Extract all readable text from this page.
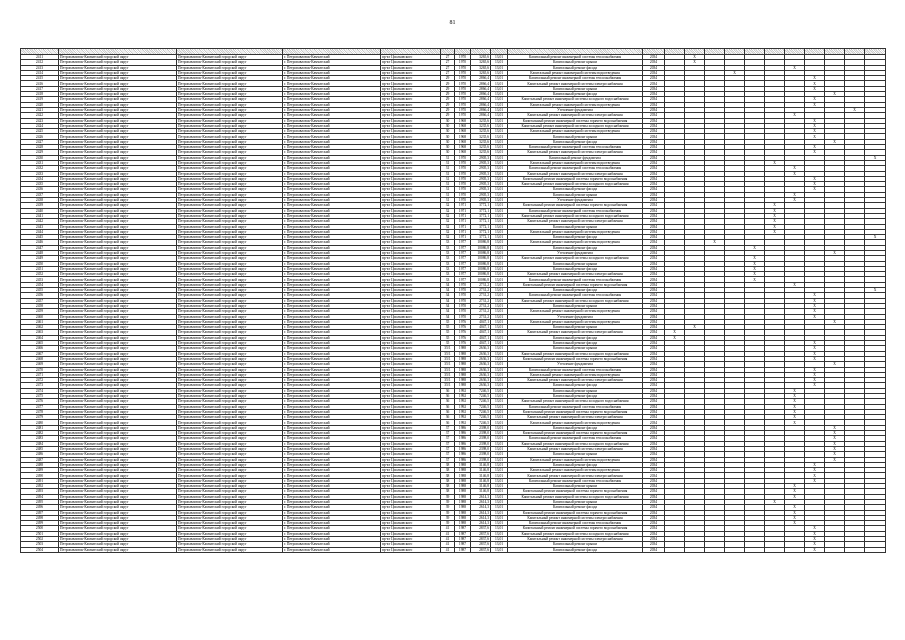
81

2411	Петропавловск-Камчатский городской округ	Петропавловск-Камчатский городской округ	г. Петропавловск-Камчатский	пр-кт Циолковского	27	1970	3265,6	13,01	Капитальный ремонт инженерной системы теплоснабжения	2034		X									
2412	Петропавловск-Камчатский городской округ	Петропавловск-Камчатский городской округ	г. Петропавловск-Камчатский	пр-кт Циолковского	27	1970	3265,6	13,01	Капитальный ремонт крыши	2034		X									
2413	Петропавловск-Камчатский городской округ	Петропавловск-Камчатский городской округ	г. Петропавловск-Камчатский	пр-кт Циолковского	27	1970	3265,6	13,01	Капитальный ремонт фасада	2034							X				
2414	Петропавловск-Камчатский городской округ	Петропавловск-Камчатский городской округ	г. Петропавловск-Камчатский	пр-кт Циолковского	27	1970	3265,6	13,01	Капитальный ремонт инженерной системы водоотведения	2034				X							
2415	Петропавловск-Камчатский городской округ	Петропавловск-Камчатский городской округ	г. Петропавловск-Камчатский	пр-кт Циолковского	29	1970	2866,4	13,01	Капитальный ремонт инженерной системы теплоснабжения	2034								X			
2416	Петропавловск-Камчатский городской округ	Петропавловск-Камчатский городской округ	г. Петропавловск-Камчатский	пр-кт Циолковского	29	1970	2866,4	13,01	Капитальный ремонт инженерной системы электроснабжения	2034								X			
2417	Петропавловск-Камчатский городской округ	Петропавловск-Камчатский городской округ	г. Петропавловск-Камчатский	пр-кт Циолковского	29	1970	2866,4	13,01	Капитальный ремонт крыши	2034								X			
2418	Петропавловск-Камчатский городской округ	Петропавловск-Камчатский городской округ	г. Петропавловск-Камчатский	пр-кт Циолковского	29	1970	2866,4	13,01	Капитальный ремонт фасада	2034									X		
2419	Петропавловск-Камчатский городской округ	Петропавловск-Камчатский городской округ	г. Петропавловск-Камчатский	пр-кт Циолковского	29	1970	2866,4	13,01	Капитальный ремонт инженерной системы холодного водоснабжения	2034								X			
2420	Петропавловск-Камчатский городской округ	Петропавловск-Камчатский городской округ	г. Петропавловск-Камчатский	пр-кт Циолковского	29	1970	2866,4	13,01	Капитальный ремонт инженерной системы водоотведения	2034								X			
2421	Петропавловск-Камчатский городской округ	Петропавловск-Камчатский городской округ	г. Петропавловск-Камчатский	пр-кт Циолковского	29	1970	2866,4	13,01	Утепление фундамента	2034										X	
2422	Петропавловск-Камчатский городской округ	Петропавловск-Камчатский городской округ	г. Петропавловск-Камчатский	пр-кт Циолковского	29	1970	2866,4	13,01	Капитальный ремонт инженерной системы электроснабжения	2034							X				
2423	Петропавловск-Камчатский городской округ	Петропавловск-Камчатский городской округ	г. Петропавловск-Камчатский	пр-кт Циолковского	30	1968	3235,6	13,01	Капитальный ремонт инженерной системы горячего водоснабжения	2034								X			
2424	Петропавловск-Камчатский городской округ	Петропавловск-Камчатский городской округ	г. Петропавловск-Камчатский	пр-кт Циолковского	30	1968	3235,6	13,01	Капитальный ремонт инженерной системы холодного водоснабжения	2034								X			
2425	Петропавловск-Камчатский городской округ	Петропавловск-Камчатский городской округ	г. Петропавловск-Камчатский	пр-кт Циолковского	30	1968	3235,6	13,01	Капитальный ремонт инженерной системы водоотведения	2034								X			
2426	Петропавловск-Камчатский городской округ	Петропавловск-Камчатский городской округ	г. Петропавловск-Камчатский	пр-кт Циолковского	30	1968	3235,6	13,01	Капитальный ремонт крыши	2034								X			
2427	Петропавловск-Камчатский городской округ	Петропавловск-Камчатский городской округ	г. Петропавловск-Камчатский	пр-кт Циолковского	30	1968	3235,6	13,01	Капитальный ремонт фасада	2034									X		
2428	Петропавловск-Камчатский городской округ	Петропавловск-Камчатский городской округ	г. Петропавловск-Камчатский	пр-кт Циолковского	30	1968	3235,6	13,01	Капитальный ремонт инженерной системы теплоснабжения	2034								X			
2429	Петропавловск-Камчатский городской округ	Петропавловск-Камчатский городской округ	г. Петропавловск-Камчатский	пр-кт Циолковского	30	1968	3235,6	13,01	Капитальный ремонт инженерной системы электроснабжения	2034								X			
2430	Петропавловск-Камчатский городской округ	Петропавловск-Камчатский городской округ	г. Петропавловск-Камчатский	пр-кт Циолковского	31	1970	2905,3	13,01	Капитальный ремонт фундамента	2034											X
2431	Петропавловск-Камчатский городской округ	Петропавловск-Камчатский городской округ	г. Петропавловск-Камчатский	пр-кт Циолковского	31	1970	2905,3	13,01	Капитальный ремонт инженерной системы водоотведения	2034						X					
2432	Петропавловск-Камчатский городской округ	Петропавловск-Камчатский городской округ	г. Петропавловск-Камчатский	пр-кт Циолковского	31	1970	2905,3	13,01	Капитальный ремонт инженерной системы теплоснабжения	2034							X				
2433	Петропавловск-Камчатский городской округ	Петропавловск-Камчатский городской округ	г. Петропавловск-Камчатский	пр-кт Циолковского	31	1970	2905,3	13,01	Капитальный ремонт инженерной системы электроснабжения	2034							X				
2434	Петропавловск-Камчатский городской округ	Петропавловск-Камчатский городской округ	г. Петропавловск-Камчатский	пр-кт Циолковского	31	1970	2905,3	13,01	Капитальный ремонт инженерной системы горячего водоснабжения	2034								X			
2435	Петропавловск-Камчатский городской округ	Петропавловск-Камчатский городской округ	г. Петропавловск-Камчатский	пр-кт Циолковского	31	1970	2905,3	13,01	Капитальный ремонт инженерной системы холодного водоснабжения	2034								X			
2436	Петропавловск-Камчатский городской округ	Петропавловск-Камчатский городской округ	г. Петропавловск-Камчатский	пр-кт Циолковского	31	1970	2905,3	13,01	Капитальный ремонт фасада	2034								X			
2437	Петропавловск-Камчатский городской округ	Петропавловск-Камчатский городской округ	г. Петропавловск-Камчатский	пр-кт Циолковского	31	1970	2905,3	13,01	Капитальный ремонт крыши	2034							X				
2438	Петропавловск-Камчатский городской округ	Петропавловск-Камчатский городской округ	г. Петропавловск-Камчатский	пр-кт Циолковского	31	1970	2905,3	13,01	Утепление фундамента	2034							X				
2439	Петропавловск-Камчатский городской округ	Петропавловск-Камчатский городской округ	г. Петропавловск-Камчатский	пр-кт Циолковского	32	1971	3772,1	13,01	Капитальный ремонт инженерной системы горячего водоснабжения	2034						X					
2440	Петропавловск-Камчатский городской округ	Петропавловск-Камчатский городской округ	г. Петропавловск-Камчатский	пр-кт Циолковского	32	1971	3772,1	13,01	Капитальный ремонт инженерной системы теплоснабжения	2034						X					
2441	Петропавловск-Камчатский городской округ	Петропавловск-Камчатский городской округ	г. Петропавловск-Камчатский	пр-кт Циолковского	32	1971	3772,1	13,01	Капитальный ремонт инженерной системы холодного водоснабжения	2034						X					
2442	Петропавловск-Камчатский городской округ	Петропавловск-Камчатский городской округ	г. Петропавловск-Камчатский	пр-кт Циолковского	32	1971	3772,1	13,01	Капитальный ремонт инженерной системы электроснабжения	2034						X					
2443	Петропавловск-Камчатский городской округ	Петропавловск-Камчатский городской округ	г. Петропавловск-Камчатский	пр-кт Циолковского	32	1971	3772,1	13,01	Капитальный ремонт крыши	2034						X					
2444	Петропавловск-Камчатский городской округ	Петропавловск-Камчатский городской округ	г. Петропавловск-Камчатский	пр-кт Циолковского	32	1971	3772,1	13,01	Капитальный ремонт инженерной системы водоотведения	2034						X					
2445	Петропавловск-Камчатский городской округ	Петропавловск-Камчатский городской округ	г. Петропавловск-Камчатский	пр-кт Циолковского	32	1971	3772,1	13,01	Капитальный ремонт фасада	2034											X
2446	Петропавловск-Камчатский городской округ	Петропавловск-Камчатский городской округ	г. Петропавловск-Камчатский	пр-кт Циолковского	33	1977	10086,8	13,01	Капитальный ремонт инженерной системы водоотведения	2034			X								
2447	Петропавловск-Камчатский городской округ	Петропавловск-Камчатский городской округ	г. Петропавловск-Камчатский	пр-кт Циолковского	33	1977	10086,8	13,01	Капитальный ремонт фасада	2034					X						
2448	Петропавловск-Камчатский городской округ	Петропавловск-Камчатский городской округ	г. Петропавловск-Камчатский	пр-кт Циолковского	33	1977	10086,8	13,01	Утепление фундамента	2034									X		
2449	Петропавловск-Камчатский городской округ	Петропавловск-Камчатский городской округ	г. Петропавловск-Камчатский	пр-кт Циолковского	33	1977	10086,8	13,01	Капитальный ремонт инженерной системы холодного водоснабжения	2034					X						
2450	Петропавловск-Камчатский городской округ	Петропавловск-Камчатский городской округ	г. Петропавловск-Камчатский	пр-кт Циолковского	33	1977	10086,8	13,01	Капитальный ремонт крыши	2034					X						
2451	Петропавловск-Камчатский городской округ	Петропавловск-Камчатский городской округ	г. Петропавловск-Камчатский	пр-кт Циолковского	33	1977	10086,8	13,01	Капитальный ремонт фасада	2034					X						
2452	Петропавловск-Камчатский городской округ	Петропавловск-Камчатский городской округ	г. Петропавловск-Камчатский	пр-кт Циолковского	33	1977	10086,8	13,01	Капитальный ремонт инженерной системы электроснабжения	2034					X						
2453	Петропавловск-Камчатский городской округ	Петропавловск-Камчатский городской округ	г. Петропавловск-Камчатский	пр-кт Циолковского	33	1977	10086,8	13,01	Капитальный ремонт инженерной системы теплоснабжения	2034					X						
2454	Петропавловск-Камчатский городской округ	Петропавловск-Камчатский городской округ	г. Петропавловск-Камчатский	пр-кт Циолковского	34	1970	2731,2	13,01	Капитальный ремонт инженерной системы горячего водоснабжения	2034							X				
2455	Петропавловск-Камчатский городской округ	Петропавловск-Камчатский городской округ	г. Петропавловск-Камчатский	пр-кт Циолковского	34	1970	2731,2	13,01	Капитальный ремонт фасада	2034											X
2456	Петропавловск-Камчатский городской округ	Петропавловск-Камчатский городской округ	г. Петропавловск-Камчатский	пр-кт Циолковского	34	1970	2731,2	13,01	Капитальный ремонт инженерной системы теплоснабжения	2034								X			
2457	Петропавловск-Камчатский городской округ	Петропавловск-Камчатский городской округ	г. Петропавловск-Камчатский	пр-кт Циолковского	34	1970	2731,2	13,01	Капитальный ремонт инженерной системы холодного водоснабжения	2034								X			
2458	Петропавловск-Камчатский городской округ	Петропавловск-Камчатский городской округ	г. Петропавловск-Камчатский	пр-кт Циолковского	34	1970	2731,2	13,01	Капитальный ремонт крыши	2034								X			
2459	Петропавловск-Камчатский городской округ	Петропавловск-Камчатский городской округ	г. Петропавловск-Камчатский	пр-кт Циолковского	34	1970	2731,2	13,01	Капитальный ремонт инженерной системы водоотведения	2034								X			
2460	Петропавловск-Камчатский городской округ	Петропавловск-Камчатский городской округ	г. Петропавловск-Камчатский	пр-кт Циолковского	34	1970	2731,2	13,01	Утепление фундамента	2034								X			
2461	Петропавловск-Камчатский городской округ	Петропавловск-Камчатский городской округ	г. Петропавловск-Камчатский	пр-кт Циолковского	35	1976	4047,1	13,01	Капитальный ремонт инженерной системы водоотведения	2034									X		
2462	Петропавловск-Камчатский городской округ	Петропавловск-Камчатский городской округ	г. Петропавловск-Камчатский	пр-кт Циолковского	35	1976	4047,1	13,01	Капитальный ремонт крыши	2034		X									
2463	Петропавловск-Камчатский городской округ	Петропавловск-Камчатский городской округ	г. Петропавловск-Камчатский	пр-кт Циолковского	35	1976	4047,1	13,01	Капитальный ремонт инженерной системы электроснабжения	2034	X										
2464	Петропавловск-Камчатский городской округ	Петропавловск-Камчатский городской округ	г. Петропавловск-Камчатский	пр-кт Циолковского	35	1976	4047,1	13,01	Капитальный ремонт фасада	2034	X										
2465	Петропавловск-Камчатский городской округ	Петропавловск-Камчатский городской округ	г. Петропавловск-Камчатский	пр-кт Циолковского	35	1976	4047,1	13,01	Капитальный ремонт фасада	2034								X			
2466	Петропавловск-Камчатский городской округ	Петропавловск-Камчатский городской округ	г. Петропавловск-Камчатский	пр-кт Циолковского	35/1	1988	2636,3	13,01	Капитальный ремонт крыши	2034								X			
2467	Петропавловск-Камчатский городской округ	Петропавловск-Камчатский городской округ	г. Петропавловск-Камчатский	пр-кт Циолковского	35/1	1988	2636,3	13,01	Капитальный ремонт инженерной системы холодного водоснабжения	2034								X			
2468	Петропавловск-Камчатский городской округ	Петропавловск-Камчатский городской округ	г. Петропавловск-Камчатский	пр-кт Циолковского	35/1	1988	2636,3	13,01	Капитальный ремонт инженерной системы горячего водоснабжения	2034								X			
2469	Петропавловск-Камчатский городской округ	Петропавловск-Камчатский городской округ	г. Петропавловск-Камчатский	пр-кт Циолковского	35/1	1988	2636,3	13,01	Утепление фундамента	2034									X		
2470	Петропавловск-Камчатский городской округ	Петропавловск-Камчатский городской округ	г. Петропавловск-Камчатский	пр-кт Циолковского	35/1	1988	2636,3	13,01	Капитальный ремонт инженерной системы теплоснабжения	2034								X			
2471	Петропавловск-Камчатский городской округ	Петропавловск-Камчатский городской округ	г. Петропавловск-Камчатский	пр-кт Циолковского	35/1	1988	2636,3	13,01	Капитальный ремонт инженерной системы водоотведения	2034								X			
2472	Петропавловск-Камчатский городской округ	Петропавловск-Камчатский городской округ	г. Петропавловск-Камчатский	пр-кт Циолковского	35/1	1988	2636,3	13,01	Капитальный ремонт инженерной системы электроснабжения	2034								X			
2473	Петропавловск-Камчатский городской округ	Петропавловск-Камчатский городской округ	г. Петропавловск-Камчатский	пр-кт Циолковского	35/1	1988	2636,3	13,01	Капитальный ремонт фасада	2034								X			
2474	Петропавловск-Камчатский городской округ	Петропавловск-Камчатский городской округ	г. Петропавловск-Камчатский	пр-кт Циолковского	36	1992	7246,5	13,01	Капитальный ремонт крыши	2034							X				
2475	Петропавловск-Камчатский городской округ	Петропавловск-Камчатский городской округ	г. Петропавловск-Камчатский	пр-кт Циолковского	36	1992	7246,5	13,01	Капитальный ремонт фасада	2034							X				
2476	Петропавловск-Камчатский городской округ	Петропавловск-Камчатский городской округ	г. Петропавловск-Камчатский	пр-кт Циолковского	36	1992	7246,5	13,01	Капитальный ремонт инженерной системы холодного водоснабжения	2034							X				
2477	Петропавловск-Камчатский городской округ	Петропавловск-Камчатский городской округ	г. Петропавловск-Камчатский	пр-кт Циолковского	36	1992	7246,5	13,01	Капитальный ремонт инженерной системы теплоснабжения	2034							X				
2478	Петропавловск-Камчатский городской округ	Петропавловск-Камчатский городской округ	г. Петропавловск-Камчатский	пр-кт Циолковского	36	1992	7246,5	13,01	Капитальный ремонт инженерной системы горячего водоснабжения	2034							X				
2479	Петропавловск-Камчатский городской округ	Петропавловск-Камчатский городской округ	г. Петропавловск-Камчатский	пр-кт Циолковского	36	1992	7246,5	13,01	Капитальный ремонт инженерной системы электроснабжения	2034							X				
2480	Петропавловск-Камчатский городской округ	Петропавловск-Камчатский городской округ	г. Петропавловск-Камчатский	пр-кт Циолковского	36	1992	7246,5	13,01	Капитальный ремонт инженерной системы водоотведения	2034							X				
2481	Петропавловск-Камчатский городской округ	Петропавловск-Камчатский городской округ	г. Петропавловск-Камчатский	пр-кт Циолковского	37	1986	2398,0	13,01	Капитальный ремонт фасада	2034									X		
2482	Петропавловск-Камчатский городской округ	Петропавловск-Камчатский городской округ	г. Петропавловск-Камчатский	пр-кт Циолковского	37	1986	2398,0	13,01	Капитальный ремонт инженерной системы горячего водоснабжения	2034									X		
2483	Петропавловск-Камчатский городской округ	Петропавловск-Камчатский городской округ	г. Петропавловск-Камчатский	пр-кт Циолковского	37	1986	2398,0	13,01	Капитальный ремонт инженерной системы теплоснабжения	2034									X		
2484	Петропавловск-Камчатский городской округ	Петропавловск-Камчатский городской округ	г. Петропавловск-Камчатский	пр-кт Циолковского	37	1986	2398,0	13,01	Капитальный ремонт инженерной системы холодного водоснабжения	2034									X		
2485	Петропавловск-Камчатский городской округ	Петропавловск-Камчатский городской округ	г. Петропавловск-Камчатский	пр-кт Циолковского	37	1986	2398,0	13,01	Капитальный ремонт инженерной системы электроснабжения	2034									X		
2486	Петропавловск-Камчатский городской округ	Петропавловск-Камчатский городской округ	г. Петропавловск-Камчатский	пр-кт Циолковского	37	1986	2398,0	13,01	Капитальный ремонт крыши	2034									X		
2487	Петропавловск-Камчатский городской округ	Петропавловск-Камчатский городской округ	г. Петропавловск-Камчатский	пр-кт Циолковского	37	1986	2398,0	13,01	Капитальный ремонт инженерной системы водоотведения	2034									X		
2488	Петропавловск-Камчатский городской округ	Петропавловск-Камчатский городской округ	г. Петропавловск-Камчатский	пр-кт Циолковского	38	1988	3146,8	13,01	Капитальный ремонт фасада	2034								X			
2489	Петропавловск-Камчатский городской округ	Петропавловск-Камчатский городской округ	г. Петропавловск-Камчатский	пр-кт Циолковского	38	1988	3146,8	13,01	Капитальный ремонт инженерной системы водоотведения	2034								X			
2490	Петропавловск-Камчатский городской округ	Петропавловск-Камчатский городской округ	г. Петропавловск-Камчатский	пр-кт Циолковского	38	1988	3146,8	13,01	Капитальный ремонт инженерной системы электроснабжения	2034								X			
2491	Петропавловск-Камчатский городской округ	Петропавловск-Камчатский городской округ	г. Петропавловск-Камчатский	пр-кт Циолковского	38	1988	3146,8	13,01	Капитальный ремонт инженерной системы теплоснабжения	2034								X			
2492	Петропавловск-Камчатский городской округ	Петропавловск-Камчатский городской округ	г. Петропавловск-Камчатский	пр-кт Циолковского	38	1988	3146,8	13,01	Капитальный ремонт крыши	2034							X				
2493	Петропавловск-Камчатский городской округ	Петропавловск-Камчатский городской округ	г. Петропавловск-Камчатский	пр-кт Циолковского	38	1988	3146,8	13,01	Капитальный ремонт инженерной системы горячего водоснабжения	2034							X				
2494	Петропавловск-Камчатский городской округ	Петропавловск-Камчатский городской округ	г. Петропавловск-Камчатский	пр-кт Циолковского	39	1988	2614,3	13,01	Капитальный ремонт инженерной системы холодного водоснабжения	2034							X				
2495	Петропавловск-Камчатский городской округ	Петропавловск-Камчатский городской округ	г. Петропавловск-Камчатский	пр-кт Циолковского	39	1988	2614,3	13,01	Капитальный ремонт крыши	2034						X					
2496	Петропавловск-Камчатский городской округ	Петропавловск-Камчатский городской округ	г. Петропавловск-Камчатский	пр-кт Циолковского	39	1988	2614,3	13,01	Капитальный ремонт фасада	2034							X				
2497	Петропавловск-Камчатский городской округ	Петропавловск-Камчатский городской округ	г. Петропавловск-Камчатский	пр-кт Циолковского	39	1988	2614,3	13,01	Капитальный ремонт инженерной системы горячего водоснабжения	2034							X				
2498	Петропавловск-Камчатский городской округ	Петропавловск-Камчатский городской округ	г. Петропавловск-Камчатский	пр-кт Циолковского	39	1988	2614,3	13,01	Капитальный ремонт инженерной системы электроснабжения	2034							X				
2499	Петропавловск-Камчатский городской округ	Петропавловск-Камчатский городской округ	г. Петропавловск-Камчатский	пр-кт Циолковского	39	1988	2614,3	13,01	Капитальный ремонт инженерной системы теплоснабжения	2034							X				
2500	Петропавловск-Камчатский городской округ	Петропавловск-Камчатский городской округ	г. Петропавловск-Камчатский	пр-кт Циолковского	41	1987	2837,6	13,01	Капитальный ремонт инженерной системы горячего водоснабжения	2034								X			
2501	Петропавловск-Камчатский городской округ	Петропавловск-Камчатский городской округ	г. Петропавловск-Камчатский	пр-кт Циолковского	41	1987	2837,6	13,01	Капитальный ремонт инженерной системы холодного водоснабжения	2034								X			
2502	Петропавловск-Камчатский городской округ	Петропавловск-Камчатский городской округ	г. Петропавловск-Камчатский	пр-кт Циолковского	41	1987	2837,6	13,01	Капитальный ремонт инженерной системы электроснабжения	2034								X			
2503	Петропавловск-Камчатский городской округ	Петропавловск-Камчатский городской округ	г. Петропавловск-Камчатский	пр-кт Циолковского	41	1987	2837,6	13,01	Капитальный ремонт крыши	2034								X			
2504	Петропавловск-Камчатский городской округ	Петропавловск-Камчатский городской округ	г. Петропавловск-Камчатский	пр-кт Циолковского	41	1987	2837,6	13,01	Капитальный ремонт фасада	2034								X			
